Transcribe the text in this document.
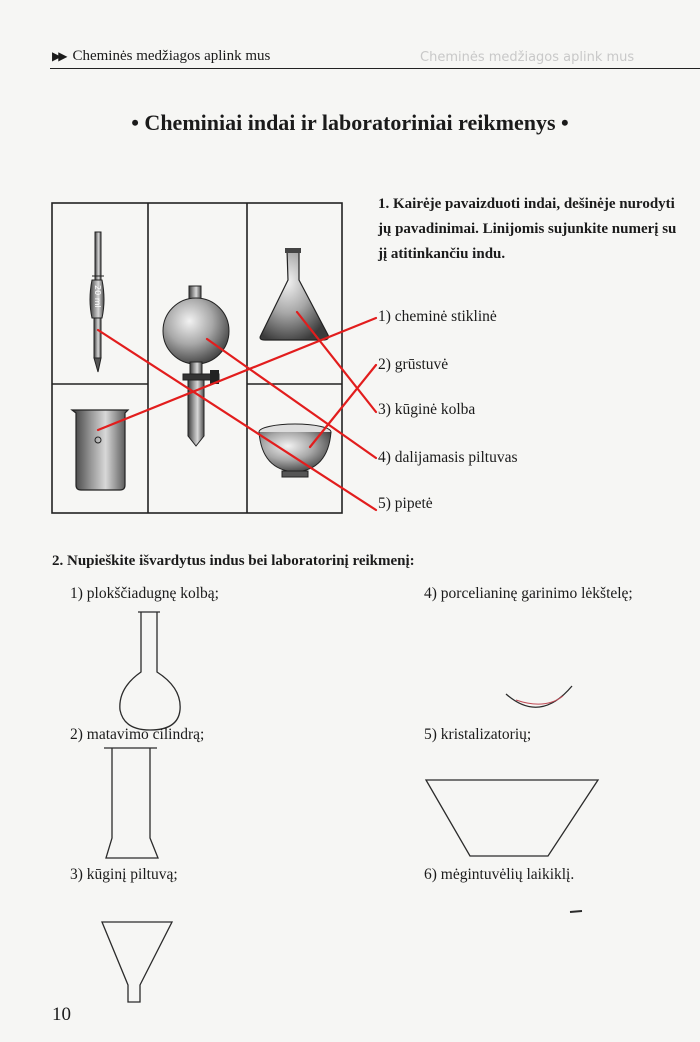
▶▶ Cheminės medžiagos aplink mus	Cheminės medžiagos aplink mus
• Cheminiai indai ir laboratoriniai reikmenys •
20 ml
1. Kairėje pavaizduoti indai, dešinėje nurodyti jų pavadinimai. Linijomis sujunkite numerį su jį atitinkančiu indu.
1) cheminė stiklinė
2) grūstuvė
3) kūginė kolba
4) dalijamasis piltuvas
5) pipetė
2. Nupieškite išvardytus indus bei laboratorinį reikmenį:
1) plokščiadugnę kolbą;
2) matavimo cilindrą;
3) kūginį piltuvą;
4) porcelianinę garinimo lėkštelę;
5) kristalizatorių;
6) mėgintuvėlių laikiklį.
10
